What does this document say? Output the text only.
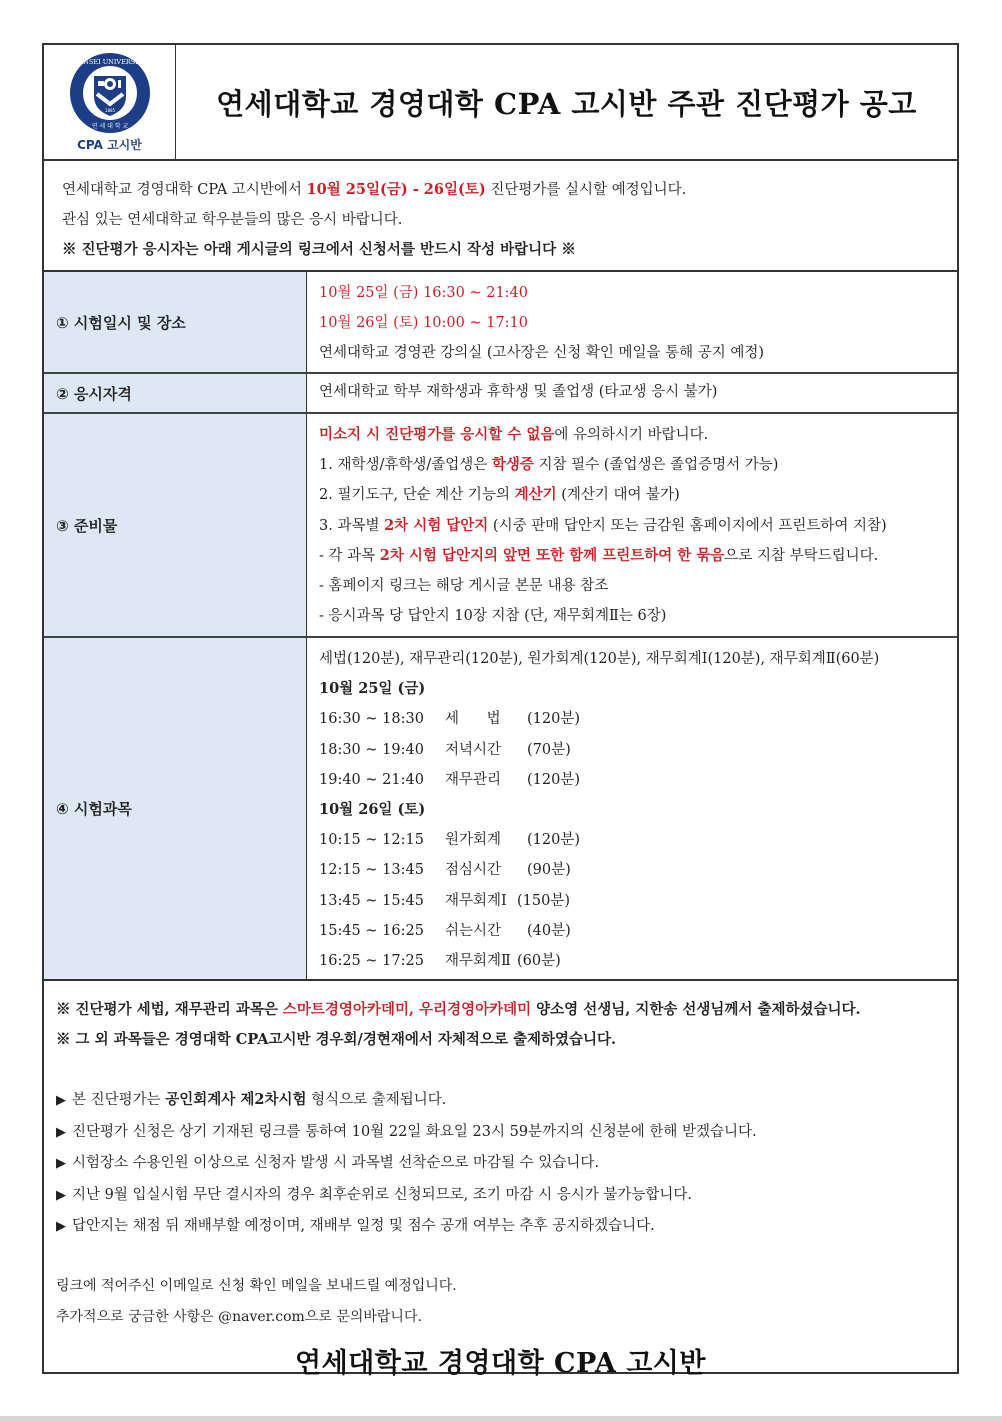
YONSEI UNIVERSITY
1885
연 세 대 학 교
CPA 고시반
연세대학교 경영대학 CPA 고시반 주관 진단평가 공고
연세대학교 경영대학 CPA 고시반에서 10월 25일(금) - 26일(토) 진단평가를 실시할 예정입니다.
관심 있는 연세대학교 학우분들의 많은 응시 바랍니다.
※ 진단평가 응시자는 아래 게시글의 링크에서 신청서를 반드시 작성 바랍니다 ※
① 시험일시 및 장소
10월 25일 (금) 16:30 ~ 21:40
10월 26일 (토) 10:00 ~ 17:10
연세대학교 경영관 강의실 (고사장은 신청 확인 메일을 통해 공지 예정)
② 응시자격	연세대학교 학부 재학생과 휴학생 및 졸업생 (타교생 응시 불가)
③ 준비물
미소지 시 진단평가를 응시할 수 없음에 유의하시기 바랍니다.
1. 재학생/휴학생/졸업생은 학생증 지참 필수 (졸업생은 졸업증명서 가능)
2. 필기도구, 단순 계산 기능의 계산기 (계산기 대여 불가)
3. 과목별 2차 시험 답안지 (시중 판매 답안지 또는 금감원 홈페이지에서 프린트하여 지참)
- 각 과목 2차 시험 답안지의 앞면 또한 함께 프린트하여 한 묶음으로 지참 부탁드립니다.
- 홈페이지 링크는 해당 게시글 본문 내용 참조
- 응시과목 당 답안지 10장 지참 (단, 재무회계Ⅱ는 6장)
④ 시험과목
세법(120분), 재무관리(120분), 원가회계(120분), 재무회계Ⅰ(120분), 재무회계Ⅱ(60분)
10월 25일 (금)
16:30 ~ 18:30 세      법 (120분)
18:30 ~ 19:40 저녁시간 (70분)
19:40 ~ 21:40 재무관리 (120분)
10월 26일 (토)
10:15 ~ 12:15 원가회계 (120분)
12:15 ~ 13:45 점심시간 (90분)
13:45 ~ 15:45 재무회계Ⅰ (150분)
15:45 ~ 16:25 쉬는시간 (40분)
16:25 ~ 17:25 재무회계Ⅱ (60분)
※ 진단평가 세법, 재무관리 과목은 스마트경영아카데미, 우리경영아카데미 양소영 선생님, 지한송 선생님께서 출제하셨습니다.
※ 그 외 과목들은 경영대학 CPA고시반 경우회/경현재에서 자체적으로 출제하였습니다.
▶ 본 진단평가는 공인회계사 제2차시험 형식으로 출제됩니다.
▶ 진단평가 신청은 상기 기재된 링크를 통하여 10월 22일 화요일 23시 59분까지의 신청분에 한해 받겠습니다.
▶ 시험장소 수용인원 이상으로 신청자 발생 시 과목별 선착순으로 마감될 수 있습니다.
▶ 지난 9월 입실시험 무단 결시자의 경우 최후순위로 신청되므로, 조기 마감 시 응시가 불가능합니다.
▶ 답안지는 채점 뒤 재배부할 예정이며, 재배부 일정 및 점수 공개 여부는 추후 공지하겠습니다.
링크에 적어주신 이메일로 신청 확인 메일을 보내드릴 예정입니다.
추가적으로 궁금한 사항은 @naver.com으로 문의바랍니다.
연세대학교 경영대학 CPA 고시반
